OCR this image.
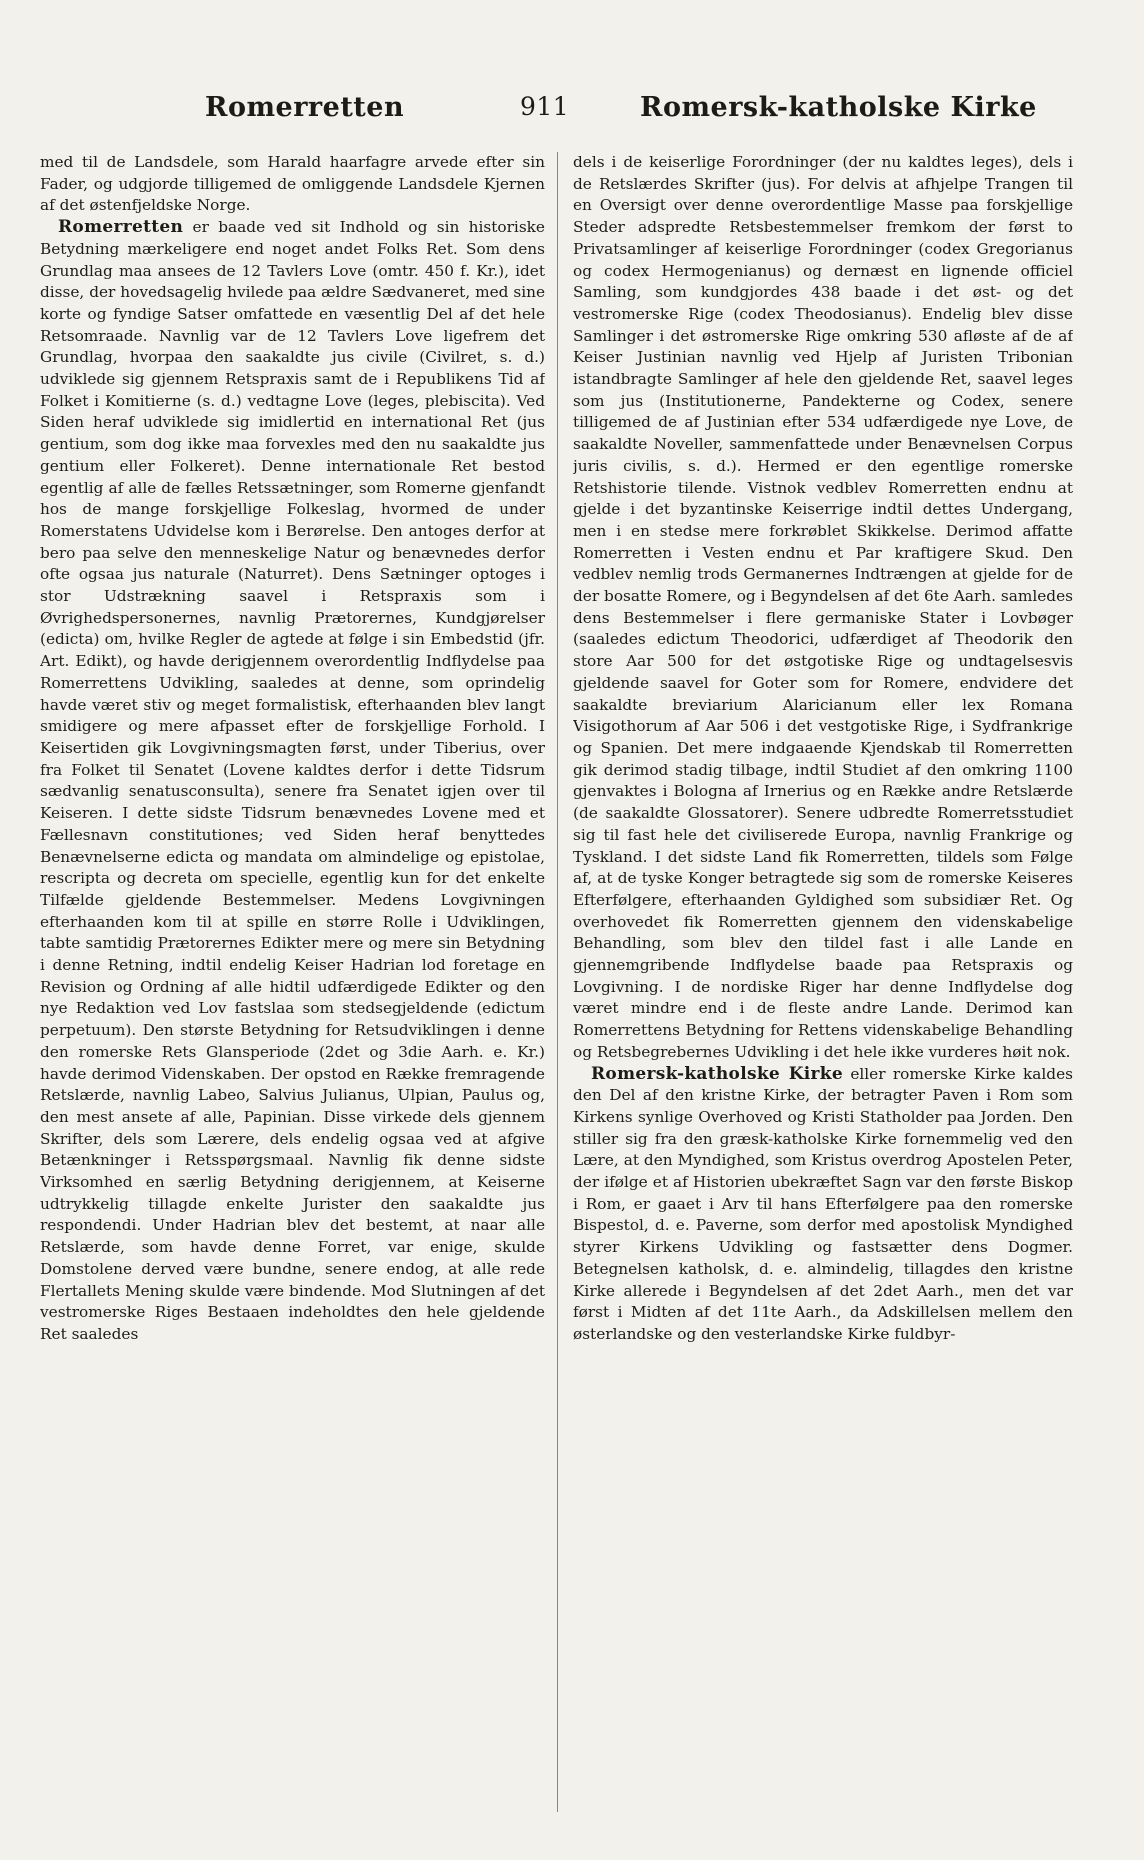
Romerretten	911	Romersk-katholske Kirke

med til de Landsdele, som Harald haarfagre arvede efter sin Fader, og udgjorde tilligemed de omliggende Landsdele Kjernen af det østenfjeldske Norge.

Romerretten er baade ved sit Indhold og sin historiske Betydning mærkeligere end noget andet Folks Ret. Som dens Grundlag maa ansees de 12 Tavlers Love (omtr. 450 f. Kr.), idet disse, der hovedsagelig hvilede paa ældre Sædvaneret, med sine korte og fyndige Satser omfattede en væsentlig Del af det hele Retsomraade. Navnlig var de 12 Tavlers Love ligefrem det Grundlag, hvorpaa den saakaldte jus civile (Civilret, s. d.) udviklede sig gjennem Retspraxis samt de i Republikens Tid af Folket i Komitierne (s. d.) vedtagne Love (leges, plebiscita). Ved Siden heraf udviklede sig imidlertid en international Ret (jus gentium, som dog ikke maa forvexles med den nu saakaldte jus gentium eller Folkeret). Denne internationale Ret bestod egentlig af alle de fælles Retssætninger, som Romerne gjenfandt hos de mange forskjellige Folkeslag, hvormed de under Romerstatens Udvidelse kom i Berørelse. Den antoges derfor at bero paa selve den menneskelige Natur og benævnedes derfor ofte ogsaa jus naturale (Naturret). Dens Sætninger optoges i stor Udstrækning saavel i Retspraxis som i Øvrighedspersonernes, navnlig Prætorernes, Kundgjørelser (edicta) om, hvilke Regler de agtede at følge i sin Embedstid (jfr. Art. Edikt), og havde derigjennem overordentlig Indflydelse paa Romerrettens Udvikling, saaledes at denne, som oprindelig havde været stiv og meget formalistisk, efterhaanden blev langt smidigere og mere afpasset efter de forskjellige Forhold. I Keisertiden gik Lovgivningsmagten først, under Tiberius, over fra Folket til Senatet (Lovene kaldtes derfor i dette Tidsrum sædvanlig senatusconsulta), senere fra Senatet igjen over til Keiseren. I dette sidste Tidsrum benævnedes Lovene med et Fællesnavn constitutiones; ved Siden heraf benyttedes Benævnelserne edicta og mandata om almindelige og epistolae, rescripta og decreta om specielle, egentlig kun for det enkelte Tilfælde gjeldende Bestemmelser. Medens Lovgivningen efterhaanden kom til at spille en større Rolle i Udviklingen, tabte samtidig Prætorernes Edikter mere og mere sin Betydning i denne Retning, indtil endelig Keiser Hadrian lod foretage en Revision og Ordning af alle hidtil udfærdigede Edikter og den nye Redaktion ved Lov fastslaa som stedsegjeldende (edictum perpetuum). Den største Betydning for Retsudviklingen i denne den romerske Rets Glansperiode (2det og 3die Aarh. e. Kr.) havde derimod Videnskaben. Der opstod en Række fremragende Retslærde, navnlig Labeo, Salvius Julianus, Ulpian, Paulus og, den mest ansete af alle, Papinian. Disse virkede dels gjennem Skrifter, dels som Lærere, dels endelig ogsaa ved at afgive Betænkninger i Retsspørgsmaal. Navnlig fik denne sidste Virksomhed en særlig Betydning derigjennem, at Keiserne udtrykkelig tillagde enkelte Jurister den saakaldte jus respondendi. Under Hadrian blev det bestemt, at naar alle Retslærde, som havde denne Forret, var enige, skulde Domstolene derved være bundne, senere endog, at alle rede Flertallets Mening skulde være bindende. Mod Slutningen af det vestromerske Riges Bestaaen indeholdtes den hele gjeldende Ret saaledes

dels i de keiserlige Forordninger (der nu kaldtes leges), dels i de Retslærdes Skrifter (jus). For delvis at afhjelpe Trangen til en Oversigt over denne overordentlige Masse paa forskjellige Steder adspredte Retsbestemmelser fremkom der først to Privatsamlinger af keiserlige Forordninger (codex Gregorianus og codex Hermogenianus) og dernæst en lignende officiel Samling, som kundgjordes 438 baade i det øst- og det vestromerske Rige (codex Theodosianus). Endelig blev disse Samlinger i det østromerske Rige omkring 530 afløste af de af Keiser Justinian navnlig ved Hjelp af Juristen Tribonian istandbragte Samlinger af hele den gjeldende Ret, saavel leges som jus (Institutionerne, Pandekterne og Codex, senere tilligemed de af Justinian efter 534 udfærdigede nye Love, de saakaldte Noveller, sammenfattede under Benævnelsen Corpus juris civilis, s. d.). Hermed er den egentlige romerske Retshistorie tilende. Vistnok vedblev Romerretten endnu at gjelde i det byzantinske Keiserrige indtil dettes Undergang, men i en stedse mere forkrøblet Skikkelse. Derimod affatte Romerretten i Vesten endnu et Par kraftigere Skud. Den vedblev nemlig trods Germanernes Indtrængen at gjelde for de der bosatte Romere, og i Begyndelsen af det 6te Aarh. samledes dens Bestemmelser i flere germaniske Stater i Lovbøger (saaledes edictum Theodorici, udfærdiget af Theodorik den store Aar 500 for det østgotiske Rige og undtagelsesvis gjeldende saavel for Goter som for Romere, endvidere det saakaldte breviarium Alaricianum eller lex Romana Visigothorum af Aar 506 i det vestgotiske Rige, i Sydfrankrige og Spanien. Det mere indgaaende Kjendskab til Romerretten gik derimod stadig tilbage, indtil Studiet af den omkring 1100 gjenvaktes i Bologna af Irnerius og en Række andre Retslærde (de saakaldte Glossatorer). Senere udbredte Romerretsstudiet sig til fast hele det civiliserede Europa, navnlig Frankrige og Tyskland. I det sidste Land fik Romerretten, tildels som Følge af, at de tyske Konger betragtede sig som de romerske Keiseres Efterfølgere, efterhaanden Gyldighed som subsidiær Ret. Og overhovedet fik Romerretten gjennem den videnskabelige Behandling, som blev den tildel fast i alle Lande en gjennemgribende Indflydelse baade paa Retspraxis og Lovgivning. I de nordiske Riger har denne Indflydelse dog været mindre end i de fleste andre Lande. Derimod kan Romerrettens Betydning for Rettens videnskabelige Behandling og Retsbegrebernes Udvikling i det hele ikke vurderes høit nok.

Romersk-katholske Kirke eller romerske Kirke kaldes den Del af den kristne Kirke, der betragter Paven i Rom som Kirkens synlige Overhoved og Kristi Statholder paa Jorden. Den stiller sig fra den græsk-katholske Kirke fornemmelig ved den Lære, at den Myndighed, som Kristus overdrog Apostelen Peter, der ifølge et af Historien ubekræftet Sagn var den første Biskop i Rom, er gaaet i Arv til hans Efterfølgere paa den romerske Bispestol, d. e. Paverne, som derfor med apostolisk Myndighed styrer Kirkens Udvikling og fastsætter dens Dogmer. Betegnelsen katholsk, d. e. almindelig, tillagdes den kristne Kirke allerede i Begyndelsen af det 2det Aarh., men det var først i Midten af det 11te Aarh., da Adskillelsen mellem den østerlandske og den vesterlandske Kirke fuldbyr-
